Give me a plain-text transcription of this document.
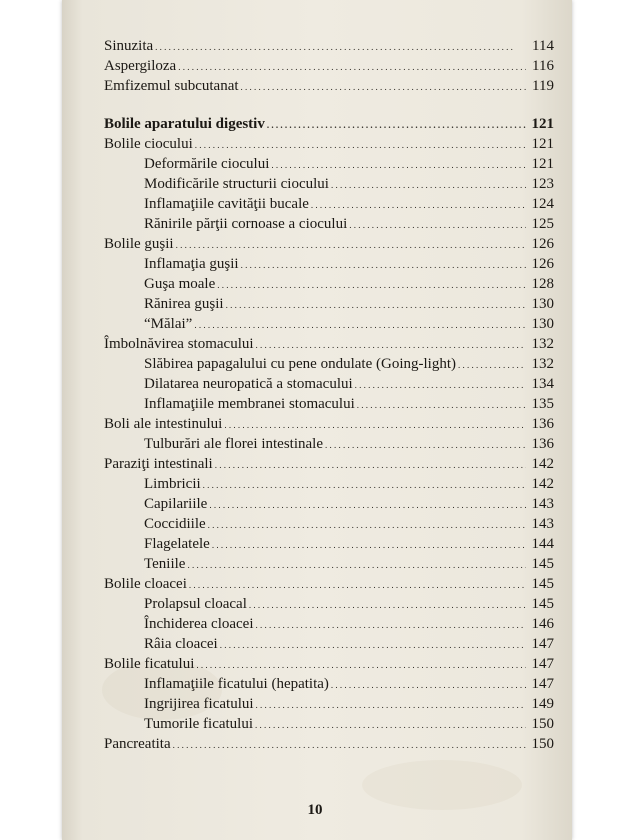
Sinuzita . . .	114
Aspergiloza . . .	116
Emfizemul subcutanat . . .	119
Bolile aparatului digestiv . . .	121
Bolile ciocului . . .	121
Deformările ciocului . . .	121
Modificările structurii ciocului . . .	123
Inflamaţiile cavităţii bucale . . .	124
Rănirile părţii cornoase a ciocului . . .	125
Bolile guşii . . .	126
Inflamaţia guşii . . .	126
Guşa moale . . .	128
Rănirea guşii . . .	130
“Mălai” . . .	130
Îmbolnăvirea stomacului . . .	132
Slăbirea papagalului cu pene ondulate (Going-light) . . .	132
Dilatarea neuropatică a stomacului . . .	134
Inflamaţiile membranei stomacului . . .	135
Boli ale intestinului . . .	136
Tulburări ale florei intestinale . . .	136
Paraziţi intestinali . . .	142
Limbricii . . .	142
Capilariile . . .	143
Coccidiile . . .	143
Flagelatele . . .	144
Teniile . . .	145
Bolile cloacei . . .	145
Prolapsul cloacal . . .	145
Închiderea cloacei . . .	146
Râia cloacei . . .	147
Bolile ficatului . . .	147
Inflamaţiile ficatului (hepatita) . . .	147
Ingrijirea ficatului . . .	149
Tumorile ficatului . . .	150
Pancreatita . . .	150
10
